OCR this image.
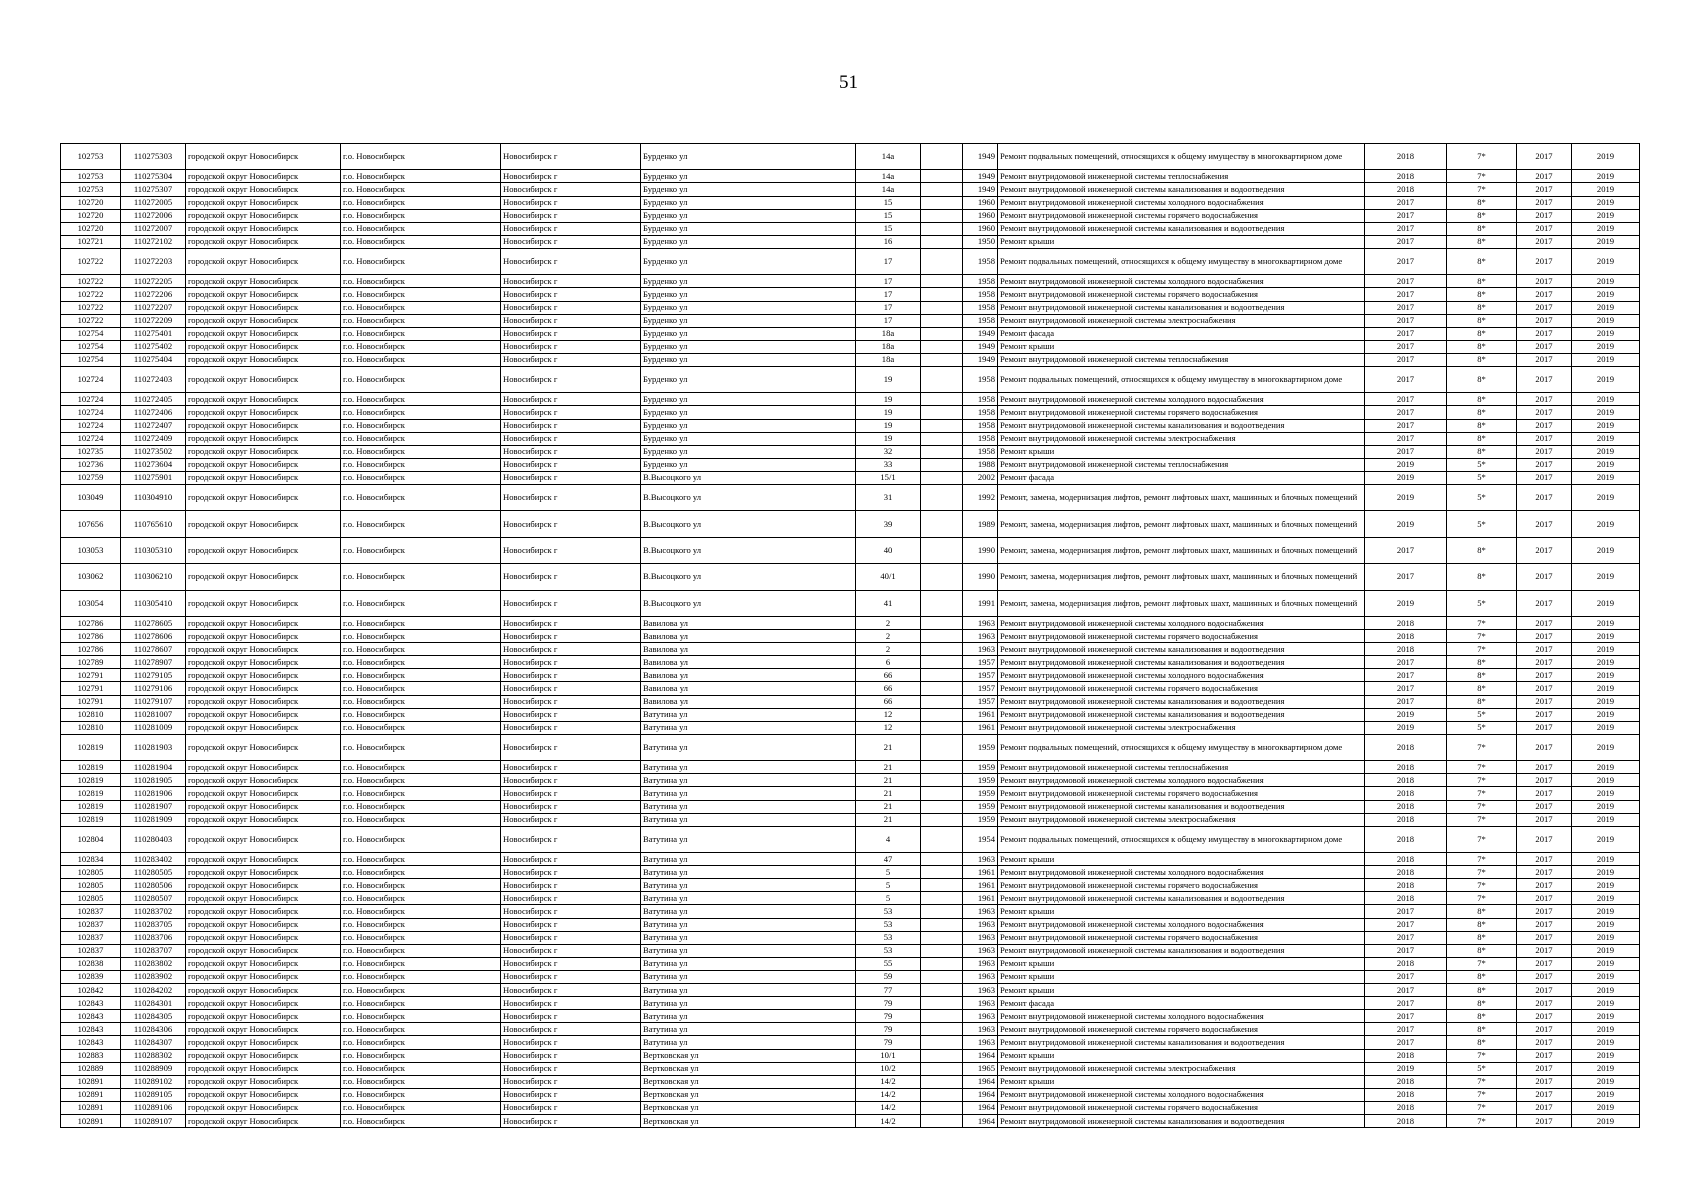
51
102753	110275303	городской округ Новосибирск	г.о. Новосибирск	Новосибирск г	Бурденко ул	14а		1949	Ремонт подвальных помещений, относящихся к общему имуществу в многоквартирном доме	2018	7*	2017	2019
102753	110275304	городской округ Новосибирск	г.о. Новосибирск	Новосибирск г	Бурденко ул	14а		1949	Ремонт внутридомовой инженерной системы теплоснабжения	2018	7*	2017	2019
102753	110275307	городской округ Новосибирск	г.о. Новосибирск	Новосибирск г	Бурденко ул	14а		1949	Ремонт внутридомовой инженерной системы канализования и водоотведения	2018	7*	2017	2019
102720	110272005	городской округ Новосибирск	г.о. Новосибирск	Новосибирск г	Бурденко ул	15		1960	Ремонт внутридомовой инженерной системы холодного водоснабжения	2017	8*	2017	2019
102720	110272006	городской округ Новосибирск	г.о. Новосибирск	Новосибирск г	Бурденко ул	15		1960	Ремонт внутридомовой инженерной системы горячего водоснабжения	2017	8*	2017	2019
102720	110272007	городской округ Новосибирск	г.о. Новосибирск	Новосибирск г	Бурденко ул	15		1960	Ремонт внутридомовой инженерной системы канализования и водоотведения	2017	8*	2017	2019
102721	110272102	городской округ Новосибирск	г.о. Новосибирск	Новосибирск г	Бурденко ул	16		1950	Ремонт крыши	2017	8*	2017	2019
102722	110272203	городской округ Новосибирск	г.о. Новосибирск	Новосибирск г	Бурденко ул	17		1958	Ремонт подвальных помещений, относящихся к общему имуществу в многоквартирном доме	2017	8*	2017	2019
102722	110272205	городской округ Новосибирск	г.о. Новосибирск	Новосибирск г	Бурденко ул	17		1958	Ремонт внутридомовой инженерной системы холодного водоснабжения	2017	8*	2017	2019
102722	110272206	городской округ Новосибирск	г.о. Новосибирск	Новосибирск г	Бурденко ул	17		1958	Ремонт внутридомовой инженерной системы горячего водоснабжения	2017	8*	2017	2019
102722	110272207	городской округ Новосибирск	г.о. Новосибирск	Новосибирск г	Бурденко ул	17		1958	Ремонт внутридомовой инженерной системы канализования и водоотведения	2017	8*	2017	2019
102722	110272209	городской округ Новосибирск	г.о. Новосибирск	Новосибирск г	Бурденко ул	17		1958	Ремонт внутридомовой инженерной системы электроснабжения	2017	8*	2017	2019
102754	110275401	городской округ Новосибирск	г.о. Новосибирск	Новосибирск г	Бурденко ул	18а		1949	Ремонт фасада	2017	8*	2017	2019
102754	110275402	городской округ Новосибирск	г.о. Новосибирск	Новосибирск г	Бурденко ул	18а		1949	Ремонт крыши	2017	8*	2017	2019
102754	110275404	городской округ Новосибирск	г.о. Новосибирск	Новосибирск г	Бурденко ул	18а		1949	Ремонт внутридомовой инженерной системы теплоснабжения	2017	8*	2017	2019
102724	110272403	городской округ Новосибирск	г.о. Новосибирск	Новосибирск г	Бурденко ул	19		1958	Ремонт подвальных помещений, относящихся к общему имуществу в многоквартирном доме	2017	8*	2017	2019
102724	110272405	городской округ Новосибирск	г.о. Новосибирск	Новосибирск г	Бурденко ул	19		1958	Ремонт внутридомовой инженерной системы холодного водоснабжения	2017	8*	2017	2019
102724	110272406	городской округ Новосибирск	г.о. Новосибирск	Новосибирск г	Бурденко ул	19		1958	Ремонт внутридомовой инженерной системы горячего водоснабжения	2017	8*	2017	2019
102724	110272407	городской округ Новосибирск	г.о. Новосибирск	Новосибирск г	Бурденко ул	19		1958	Ремонт внутридомовой инженерной системы канализования и водоотведения	2017	8*	2017	2019
102724	110272409	городской округ Новосибирск	г.о. Новосибирск	Новосибирск г	Бурденко ул	19		1958	Ремонт внутридомовой инженерной системы электроснабжения	2017	8*	2017	2019
102735	110273502	городской округ Новосибирск	г.о. Новосибирск	Новосибирск г	Бурденко ул	32		1958	Ремонт крыши	2017	8*	2017	2019
102736	110273604	городской округ Новосибирск	г.о. Новосибирск	Новосибирск г	Бурденко ул	33		1988	Ремонт внутридомовой инженерной системы теплоснабжения	2019	5*	2017	2019
102759	110275901	городской округ Новосибирск	г.о. Новосибирск	Новосибирск г	В.Высоцкого ул	15/1		2002	Ремонт фасада	2019	5*	2017	2019
103049	110304910	городской округ Новосибирск	г.о. Новосибирск	Новосибирск г	В.Высоцкого ул	31		1992	Ремонт, замена, модернизация лифтов, ремонт лифтовых шахт, машинных и блочных помещений	2019	5*	2017	2019
107656	110765610	городской округ Новосибирск	г.о. Новосибирск	Новосибирск г	В.Высоцкого ул	39		1989	Ремонт, замена, модернизация лифтов, ремонт лифтовых шахт, машинных и блочных помещений	2019	5*	2017	2019
103053	110305310	городской округ Новосибирск	г.о. Новосибирск	Новосибирск г	В.Высоцкого ул	40		1990	Ремонт, замена, модернизация лифтов, ремонт лифтовых шахт, машинных и блочных помещений	2017	8*	2017	2019
103062	110306210	городской округ Новосибирск	г.о. Новосибирск	Новосибирск г	В.Высоцкого ул	40/1		1990	Ремонт, замена, модернизация лифтов, ремонт лифтовых шахт, машинных и блочных помещений	2017	8*	2017	2019
103054	110305410	городской округ Новосибирск	г.о. Новосибирск	Новосибирск г	В.Высоцкого ул	41		1991	Ремонт, замена, модернизация лифтов, ремонт лифтовых шахт, машинных и блочных помещений	2019	5*	2017	2019
102786	110278605	городской округ Новосибирск	г.о. Новосибирск	Новосибирск г	Вавилова ул	2		1963	Ремонт внутридомовой инженерной системы холодного водоснабжения	2018	7*	2017	2019
102786	110278606	городской округ Новосибирск	г.о. Новосибирск	Новосибирск г	Вавилова ул	2		1963	Ремонт внутридомовой инженерной системы горячего водоснабжения	2018	7*	2017	2019
102786	110278607	городской округ Новосибирск	г.о. Новосибирск	Новосибирск г	Вавилова ул	2		1963	Ремонт внутридомовой инженерной системы канализования и водоотведения	2018	7*	2017	2019
102789	110278907	городской округ Новосибирск	г.о. Новосибирск	Новосибирск г	Вавилова ул	6		1957	Ремонт внутридомовой инженерной системы канализования и водоотведения	2017	8*	2017	2019
102791	110279105	городской округ Новосибирск	г.о. Новосибирск	Новосибирск г	Вавилова ул	66		1957	Ремонт внутридомовой инженерной системы холодного водоснабжения	2017	8*	2017	2019
102791	110279106	городской округ Новосибирск	г.о. Новосибирск	Новосибирск г	Вавилова ул	66		1957	Ремонт внутридомовой инженерной системы горячего водоснабжения	2017	8*	2017	2019
102791	110279107	городской округ Новосибирск	г.о. Новосибирск	Новосибирск г	Вавилова ул	66		1957	Ремонт внутридомовой инженерной системы канализования и водоотведения	2017	8*	2017	2019
102810	110281007	городской округ Новосибирск	г.о. Новосибирск	Новосибирск г	Ватутина ул	12		1961	Ремонт внутридомовой инженерной системы канализования и водоотведения	2019	5*	2017	2019
102810	110281009	городской округ Новосибирск	г.о. Новосибирск	Новосибирск г	Ватутина ул	12		1961	Ремонт внутридомовой инженерной системы электроснабжения	2019	5*	2017	2019
102819	110281903	городской округ Новосибирск	г.о. Новосибирск	Новосибирск г	Ватутина ул	21		1959	Ремонт подвальных помещений, относящихся к общему имуществу в многоквартирном доме	2018	7*	2017	2019
102819	110281904	городской округ Новосибирск	г.о. Новосибирск	Новосибирск г	Ватутина ул	21		1959	Ремонт внутридомовой инженерной системы теплоснабжения	2018	7*	2017	2019
102819	110281905	городской округ Новосибирск	г.о. Новосибирск	Новосибирск г	Ватутина ул	21		1959	Ремонт внутридомовой инженерной системы холодного водоснабжения	2018	7*	2017	2019
102819	110281906	городской округ Новосибирск	г.о. Новосибирск	Новосибирск г	Ватутина ул	21		1959	Ремонт внутридомовой инженерной системы горячего водоснабжения	2018	7*	2017	2019
102819	110281907	городской округ Новосибирск	г.о. Новосибирск	Новосибирск г	Ватутина ул	21		1959	Ремонт внутридомовой инженерной системы канализования и водоотведения	2018	7*	2017	2019
102819	110281909	городской округ Новосибирск	г.о. Новосибирск	Новосибирск г	Ватутина ул	21		1959	Ремонт внутридомовой инженерной системы электроснабжения	2018	7*	2017	2019
102804	110280403	городской округ Новосибирск	г.о. Новосибирск	Новосибирск г	Ватутина ул	4		1954	Ремонт подвальных помещений, относящихся к общему имуществу в многоквартирном доме	2018	7*	2017	2019
102834	110283402	городской округ Новосибирск	г.о. Новосибирск	Новосибирск г	Ватутина ул	47		1963	Ремонт крыши	2018	7*	2017	2019
102805	110280505	городской округ Новосибирск	г.о. Новосибирск	Новосибирск г	Ватутина ул	5		1961	Ремонт внутридомовой инженерной системы холодного водоснабжения	2018	7*	2017	2019
102805	110280506	городской округ Новосибирск	г.о. Новосибирск	Новосибирск г	Ватутина ул	5		1961	Ремонт внутридомовой инженерной системы горячего водоснабжения	2018	7*	2017	2019
102805	110280507	городской округ Новосибирск	г.о. Новосибирск	Новосибирск г	Ватутина ул	5		1961	Ремонт внутридомовой инженерной системы канализования и водоотведения	2018	7*	2017	2019
102837	110283702	городской округ Новосибирск	г.о. Новосибирск	Новосибирск г	Ватутина ул	53		1963	Ремонт крыши	2017	8*	2017	2019
102837	110283705	городской округ Новосибирск	г.о. Новосибирск	Новосибирск г	Ватутина ул	53		1963	Ремонт внутридомовой инженерной системы холодного водоснабжения	2017	8*	2017	2019
102837	110283706	городской округ Новосибирск	г.о. Новосибирск	Новосибирск г	Ватутина ул	53		1963	Ремонт внутридомовой инженерной системы горячего водоснабжения	2017	8*	2017	2019
102837	110283707	городской округ Новосибирск	г.о. Новосибирск	Новосибирск г	Ватутина ул	53		1963	Ремонт внутридомовой инженерной системы канализования и водоотведения	2017	8*	2017	2019
102838	110283802	городской округ Новосибирск	г.о. Новосибирск	Новосибирск г	Ватутина ул	55		1963	Ремонт крыши	2018	7*	2017	2019
102839	110283902	городской округ Новосибирск	г.о. Новосибирск	Новосибирск г	Ватутина ул	59		1963	Ремонт крыши	2017	8*	2017	2019
102842	110284202	городской округ Новосибирск	г.о. Новосибирск	Новосибирск г	Ватутина ул	77		1963	Ремонт крыши	2017	8*	2017	2019
102843	110284301	городской округ Новосибирск	г.о. Новосибирск	Новосибирск г	Ватутина ул	79		1963	Ремонт фасада	2017	8*	2017	2019
102843	110284305	городской округ Новосибирск	г.о. Новосибирск	Новосибирск г	Ватутина ул	79		1963	Ремонт внутридомовой инженерной системы холодного водоснабжения	2017	8*	2017	2019
102843	110284306	городской округ Новосибирск	г.о. Новосибирск	Новосибирск г	Ватутина ул	79		1963	Ремонт внутридомовой инженерной системы горячего водоснабжения	2017	8*	2017	2019
102843	110284307	городской округ Новосибирск	г.о. Новосибирск	Новосибирск г	Ватутина ул	79		1963	Ремонт внутридомовой инженерной системы канализования и водоотведения	2017	8*	2017	2019
102883	110288302	городской округ Новосибирск	г.о. Новосибирск	Новосибирск г	Вертковская ул	10/1		1964	Ремонт крыши	2018	7*	2017	2019
102889	110288909	городской округ Новосибирск	г.о. Новосибирск	Новосибирск г	Вертковская ул	10/2		1965	Ремонт внутридомовой инженерной системы электроснабжения	2019	5*	2017	2019
102891	110289102	городской округ Новосибирск	г.о. Новосибирск	Новосибирск г	Вертковская ул	14/2		1964	Ремонт крыши	2018	7*	2017	2019
102891	110289105	городской округ Новосибирск	г.о. Новосибирск	Новосибирск г	Вертковская ул	14/2		1964	Ремонт внутридомовой инженерной системы холодного водоснабжения	2018	7*	2017	2019
102891	110289106	городской округ Новосибирск	г.о. Новосибирск	Новосибирск г	Вертковская ул	14/2		1964	Ремонт внутридомовой инженерной системы горячего водоснабжения	2018	7*	2017	2019
102891	110289107	городской округ Новосибирск	г.о. Новосибирск	Новосибирск г	Вертковская ул	14/2		1964	Ремонт внутридомовой инженерной системы канализования и водоотведения	2018	7*	2017	2019
